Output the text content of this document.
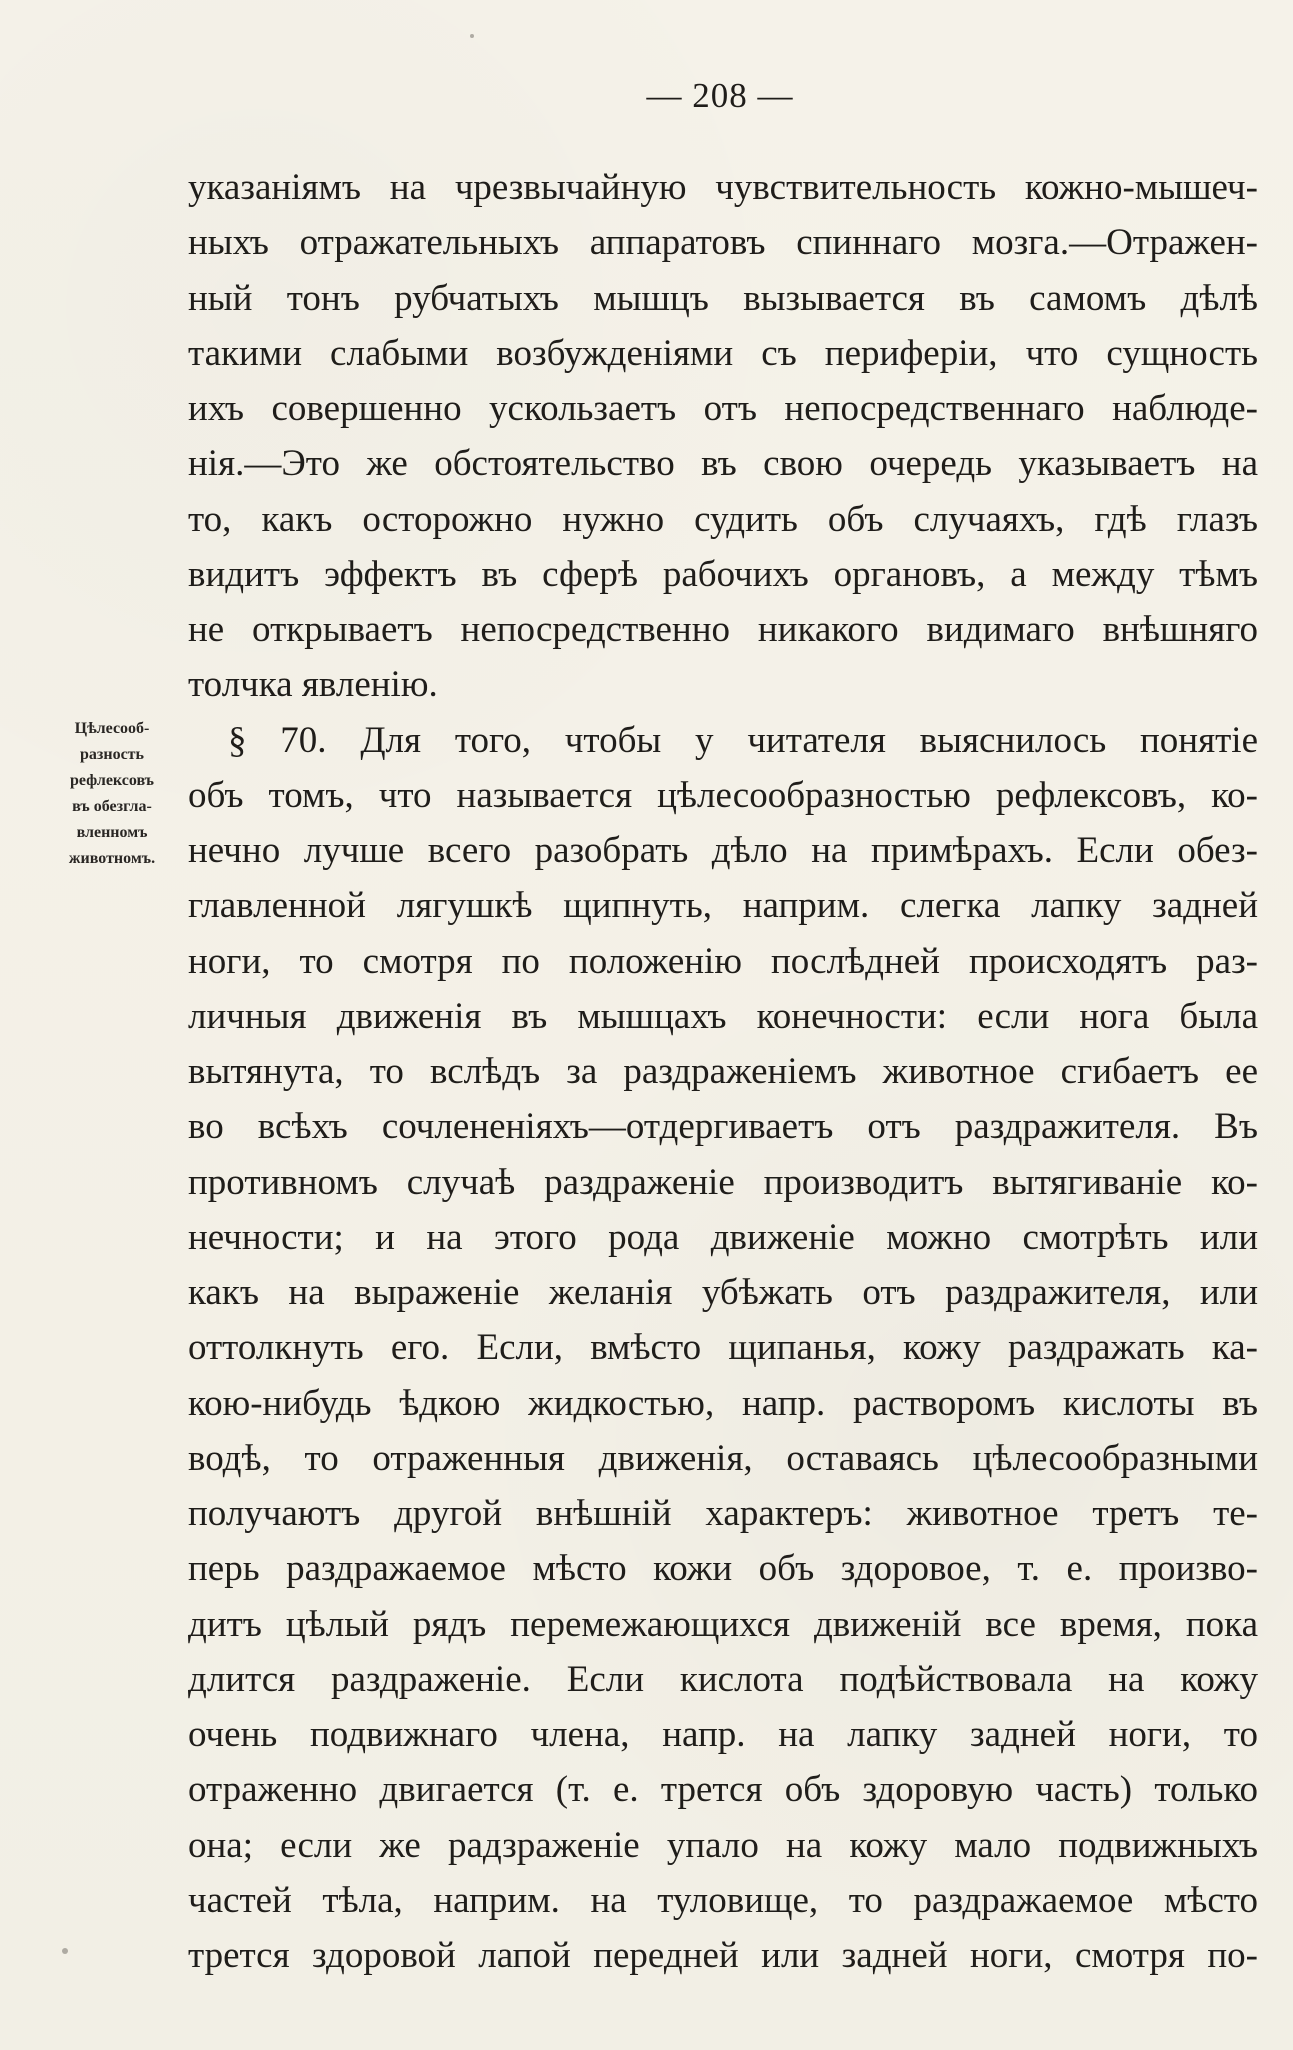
— 208 —
Цѣлесооб-
разность
рефлексовъ
въ обезгла-
вленномъ
животномъ.
указаніямъ на чрезвычайную чувствительность кожно-мышеч-
ныхъ отражательныхъ аппаратовъ спиннаго мозга.—Отражен-
ный тонъ рубчатыхъ мышцъ вызывается въ самомъ дѣлѣ
такими слабыми возбужденіями съ периферіи, что сущность
ихъ совершенно ускользаетъ отъ непосредственнаго наблюде-
нія.—Это же обстоятельство въ свою очередь указываетъ на
то, какъ осторожно нужно судить объ случаяхъ, гдѣ глазъ
видитъ эффектъ въ сферѣ рабочихъ органовъ, а между тѣмъ
не открываетъ непосредственно никакого видимаго внѣшняго
толчка явленію.
§ 70. Для того, чтобы у читателя выяснилось понятіе
объ томъ, что называется цѣлесообразностью рефлексовъ, ко-
нечно лучше всего разобрать дѣло на примѣрахъ. Если обез-
главленной лягушкѣ щипнуть, наприм. слегка лапку задней
ноги, то смотря по положенію послѣдней происходятъ раз-
личныя движенія въ мышцахъ конечности: если нога была
вытянута, то вслѣдъ за раздраженіемъ животное сгибаетъ ее
во всѣхъ сочлененіяхъ—отдергиваетъ отъ раздражителя. Въ
противномъ случаѣ раздраженіе производитъ вытягиваніе ко-
нечности; и на этого рода движеніе можно смотрѣть или
какъ на выраженіе желанія убѣжать отъ раздражителя, или
оттолкнуть его. Если, вмѣсто щипанья, кожу раздражать ка-
кою-нибудь ѣдкою жидкостью, напр. растворомъ кислоты въ
водѣ, то отраженныя движенія, оставаясь цѣлесообразными
получаютъ другой внѣшній характеръ: животное третъ те-
перь раздражаемое мѣсто кожи объ здоровое, т. е. произво-
дитъ цѣлый рядъ перемежающихся движеній все время, пока
длится раздраженіе. Если кислота подѣйствовала на кожу
очень подвижнаго члена, напр. на лапку задней ноги, то
отраженно двигается (т. е. трется объ здоровую часть) только
она; если же радзраженіе упало на кожу мало подвижныхъ
частей тѣла, наприм. на туловище, то раздражаемое мѣсто
трется здоровой лапой передней или задней ноги, смотря по-
